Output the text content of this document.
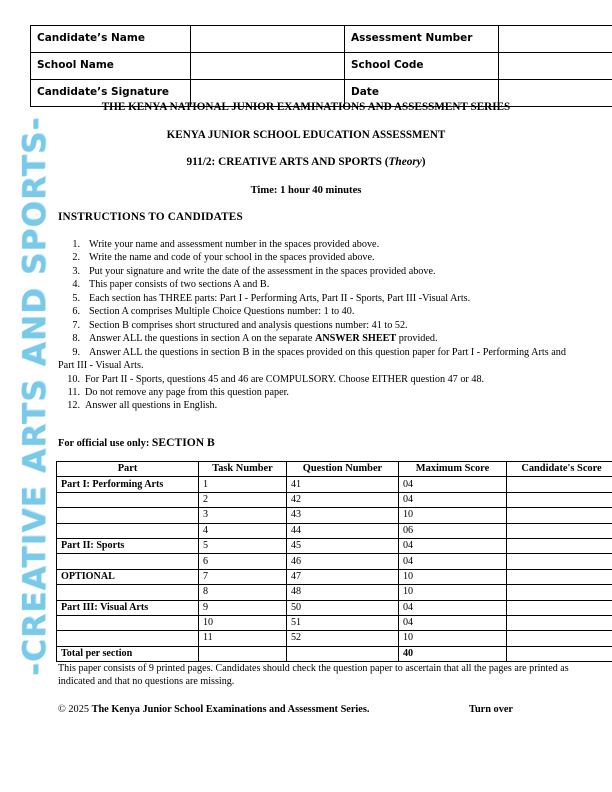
-CREATIVE ARTS AND SPORTS-
Candidate’s Name		Assessment Number	
School Name		School Code	
Candidate’s Signature		Date	
THE KENYA NATIONAL JUNIOR EXAMINATIONS AND ASSESSMENT SERIES
KENYA JUNIOR SCHOOL EDUCATION ASSESSMENT
911/2: CREATIVE ARTS AND SPORTS (Theory)
Time: 1 hour 40 minutes
INSTRUCTIONS TO CANDIDATES
1. Write your name and assessment number in the spaces provided above.
2. Write the name and code of your school in the spaces provided above.
3. Put your signature and write the date of the assessment in the spaces provided above.
4. This paper consists of two sections A and B.
5. Each section has THREE parts: Part I - Performing Arts, Part II - Sports, Part III -Visual Arts.
6. Section A comprises Multiple Choice Questions number: 1 to 40.
7. Section B comprises short structured and analysis questions number: 41 to 52.
8. Answer ALL the questions in section A on the separate ANSWER SHEET provided.
9. Answer ALL the questions in section B in the spaces provided on this question paper for Part I - Performing Arts and Part III - Visual Arts.
10. For Part II - Sports, questions 45 and 46 are COMPULSORY. Choose EITHER question 47 or 48.
11. Do not remove any page from this question paper.
12. Answer all questions in English.
For official use only: SECTION B
Part	Task Number	Question Number	Maximum Score	Candidate's Score
Part I: Performing Arts	1	41	04	
	2	42	04	
	3	43	10	
	4	44	06	
Part II: Sports	5	45	04	
	6	46	04	
OPTIONAL	7	47	10	
	8	48	10	
Part III: Visual Arts	9	50	04	
	10	51	04	
	11	52	10	
Total per section			40	
This paper consists of 9 printed pages. Candidates should check the question paper to ascertain that all the pages are printed as indicated and that no questions are missing.
Turn over
© 2025 The Kenya Junior School Examinations and Assessment Series.
